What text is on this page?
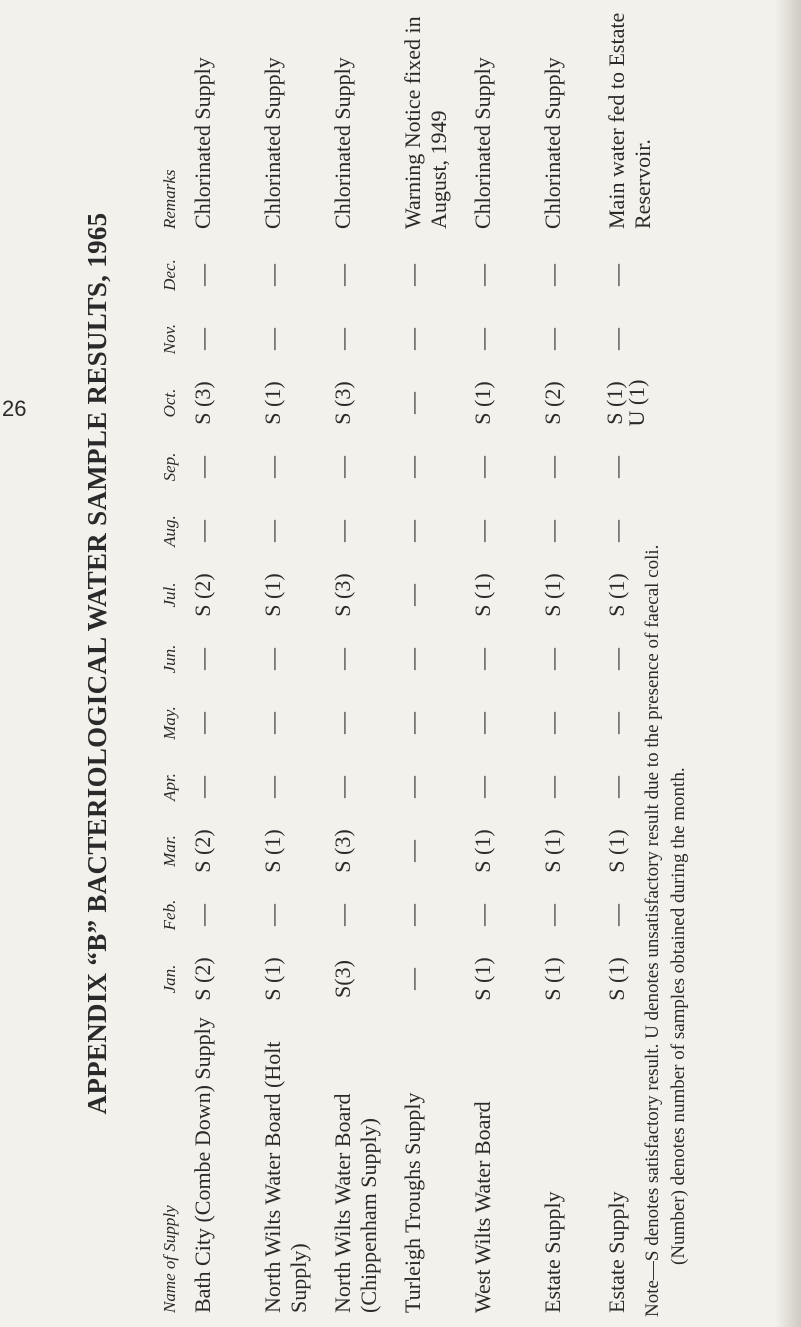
APPENDIX “B” BACTERIOLOGICAL WATER SAMPLE RESULTS, 1965
Name of Supply	Jan.	Feb.	Mar.	Apr.	May.	Jun.	Jul.	Aug.	Sep.	Oct.	Nov.	Dec.	Remarks
Bath City (Combe Down) Supply	S (2)	—	S (2)	—	—	—	S (2)	—	—	S (3)	—	—	Chlorinated Supply
North Wilts Water Board (Holt Supply)	S (1)	—	S (1)	—	—	—	S (1)	—	—	S (1)	—	—	Chlorinated Supply
North Wilts Water Board (Chippenham Supply)	S(3)	—	S (3)	—	—	—	S (3)	—	—	S (3)	—	—	Chlorinated Supply
Turleigh Troughs Supply	—	—	—	—	—	—	—	—	—	—	—	—	Warning Notice fixed in August, 1949
West Wilts Water Board	S (1)	—	S (1)	—	—	—	S (1)	—	—	S (1)	—	—	Chlorinated Supply
Estate Supply	S (1)	—	S (1)	—	—	—	S (1)	—	—	S (2)	—	—	Chlorinated Supply
Estate Supply	S (1)	—	S (1)	—	—	—	S (1)	—	—	S (1) U (1)	—	—	Main water fed to Estate Reservoir.
Note—S denotes satisfactory result. U denotes unsatisfactory result due to the presence of faecal coli. (Number) denotes number of samples obtained during the month.
26
